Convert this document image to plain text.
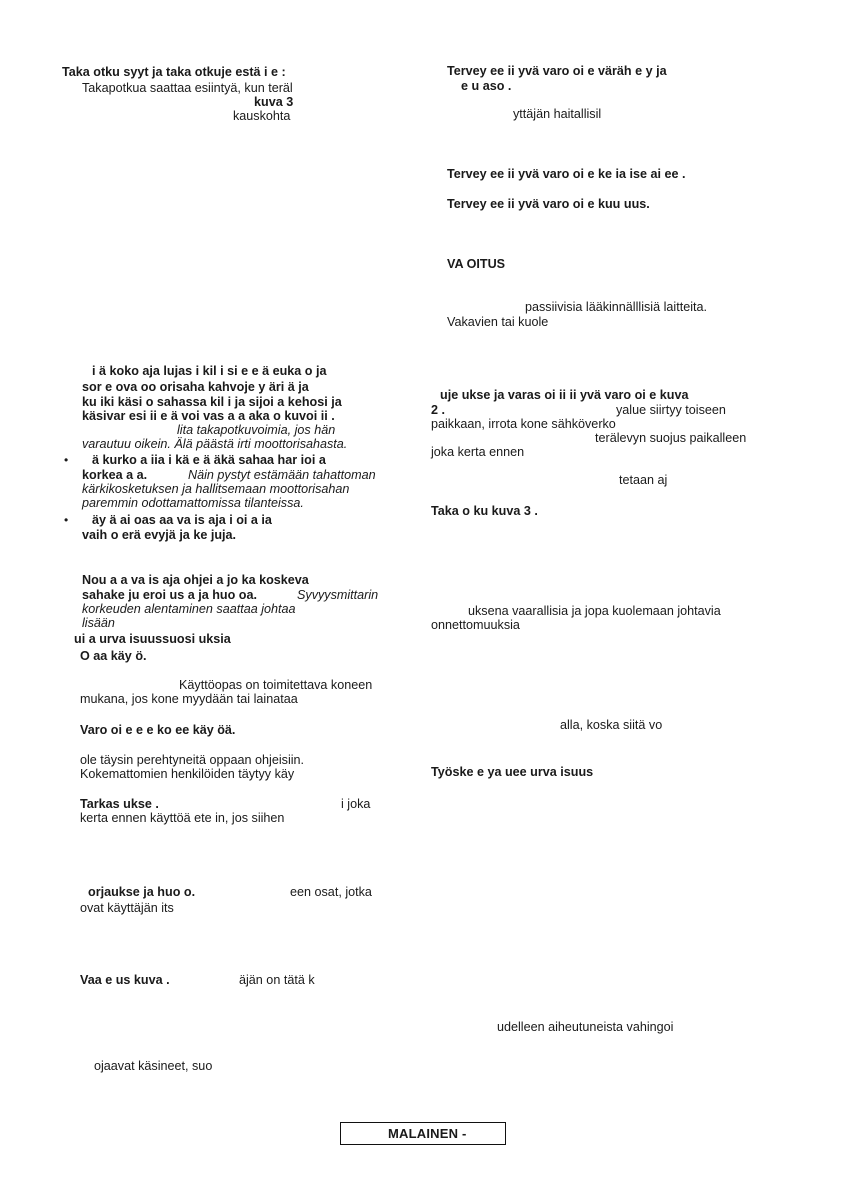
Taka otku syyt ja taka otkuje estä i e :
Takapotkua saattaa esiintyä, kun teräl
kuva 3
kauskohta
i ä koko aja lujas i kil i si e e ä euka o ja
sor e ova oo orisaha kahvoje y äri ä ja
ku iki käsi o sahassa kil i ja sijoi a kehosi ja
käsivar esi ii e ä voi vas a a aka o kuvoi ii .
lita takapotkuvoimia, jos hän
varautuu oikein. Älä päästä irti moottorisahasta.
• ä kurko a iia i kä e ä äkä sahaa har ioi a
korkea a a.	Näin pystyt estämään tahattoman
kärkikosketuksen ja hallitsemaan moottorisahan
paremmin odottamattomissa tilanteissa.
• äy ä ai oas aa va is aja i oi a ia
vaih o erä evyjä ja ke juja.
Nou a a va is aja ohjei a jo ka koskeva
sahake ju eroi us a ja huo oa.	Syvyysmittarin
korkeuden alentaminen saattaa johtaa
lisään
ui a urva isuussuosi uksia
O aa käy ö.
Käyttöopas on toimitettava koneen
mukana, jos kone myydään tai lainataa
Varo oi e e e ko ee käy öä.
ole täysin perehtyneitä oppaan ohjeisiin.
Kokemattomien henkilöiden täytyy käy
Tarkas ukse .	i joka
kerta ennen käyttöä ete in, jos siihen
orjaukse ja huo o.	een osat, jotka
ovat käyttäjän its
Vaa e us kuva .	äjän on tätä k
ojaavat käsineet, suo
Tervey ee ii yvä varo oi e väräh e y ja
e u aso .
yttäjän haitallisil
Tervey ee ii yvä varo oi e ke ia ise ai ee .
Tervey ee ii yvä varo oi e kuu uus.
VA OITUS
passiivisia lääkinnälllisiä laitteita.
Vakavien tai kuole
uje ukse ja varas oi ii ii yvä varo oi e kuva
2 .	yalue siirtyy toiseen
paikkaan, irrota kone sähköverko
terälevyn suojus paikalleen
joka kerta ennen
tetaan aj
Taka o ku kuva 3 .
uksena vaarallisia ja jopa kuolemaan johtavia
onnettomuuksia
alla, koska siitä vo
Työske e ya uee urva isuus
udelleen aiheutuneista vahingoi
MALAINEN -
